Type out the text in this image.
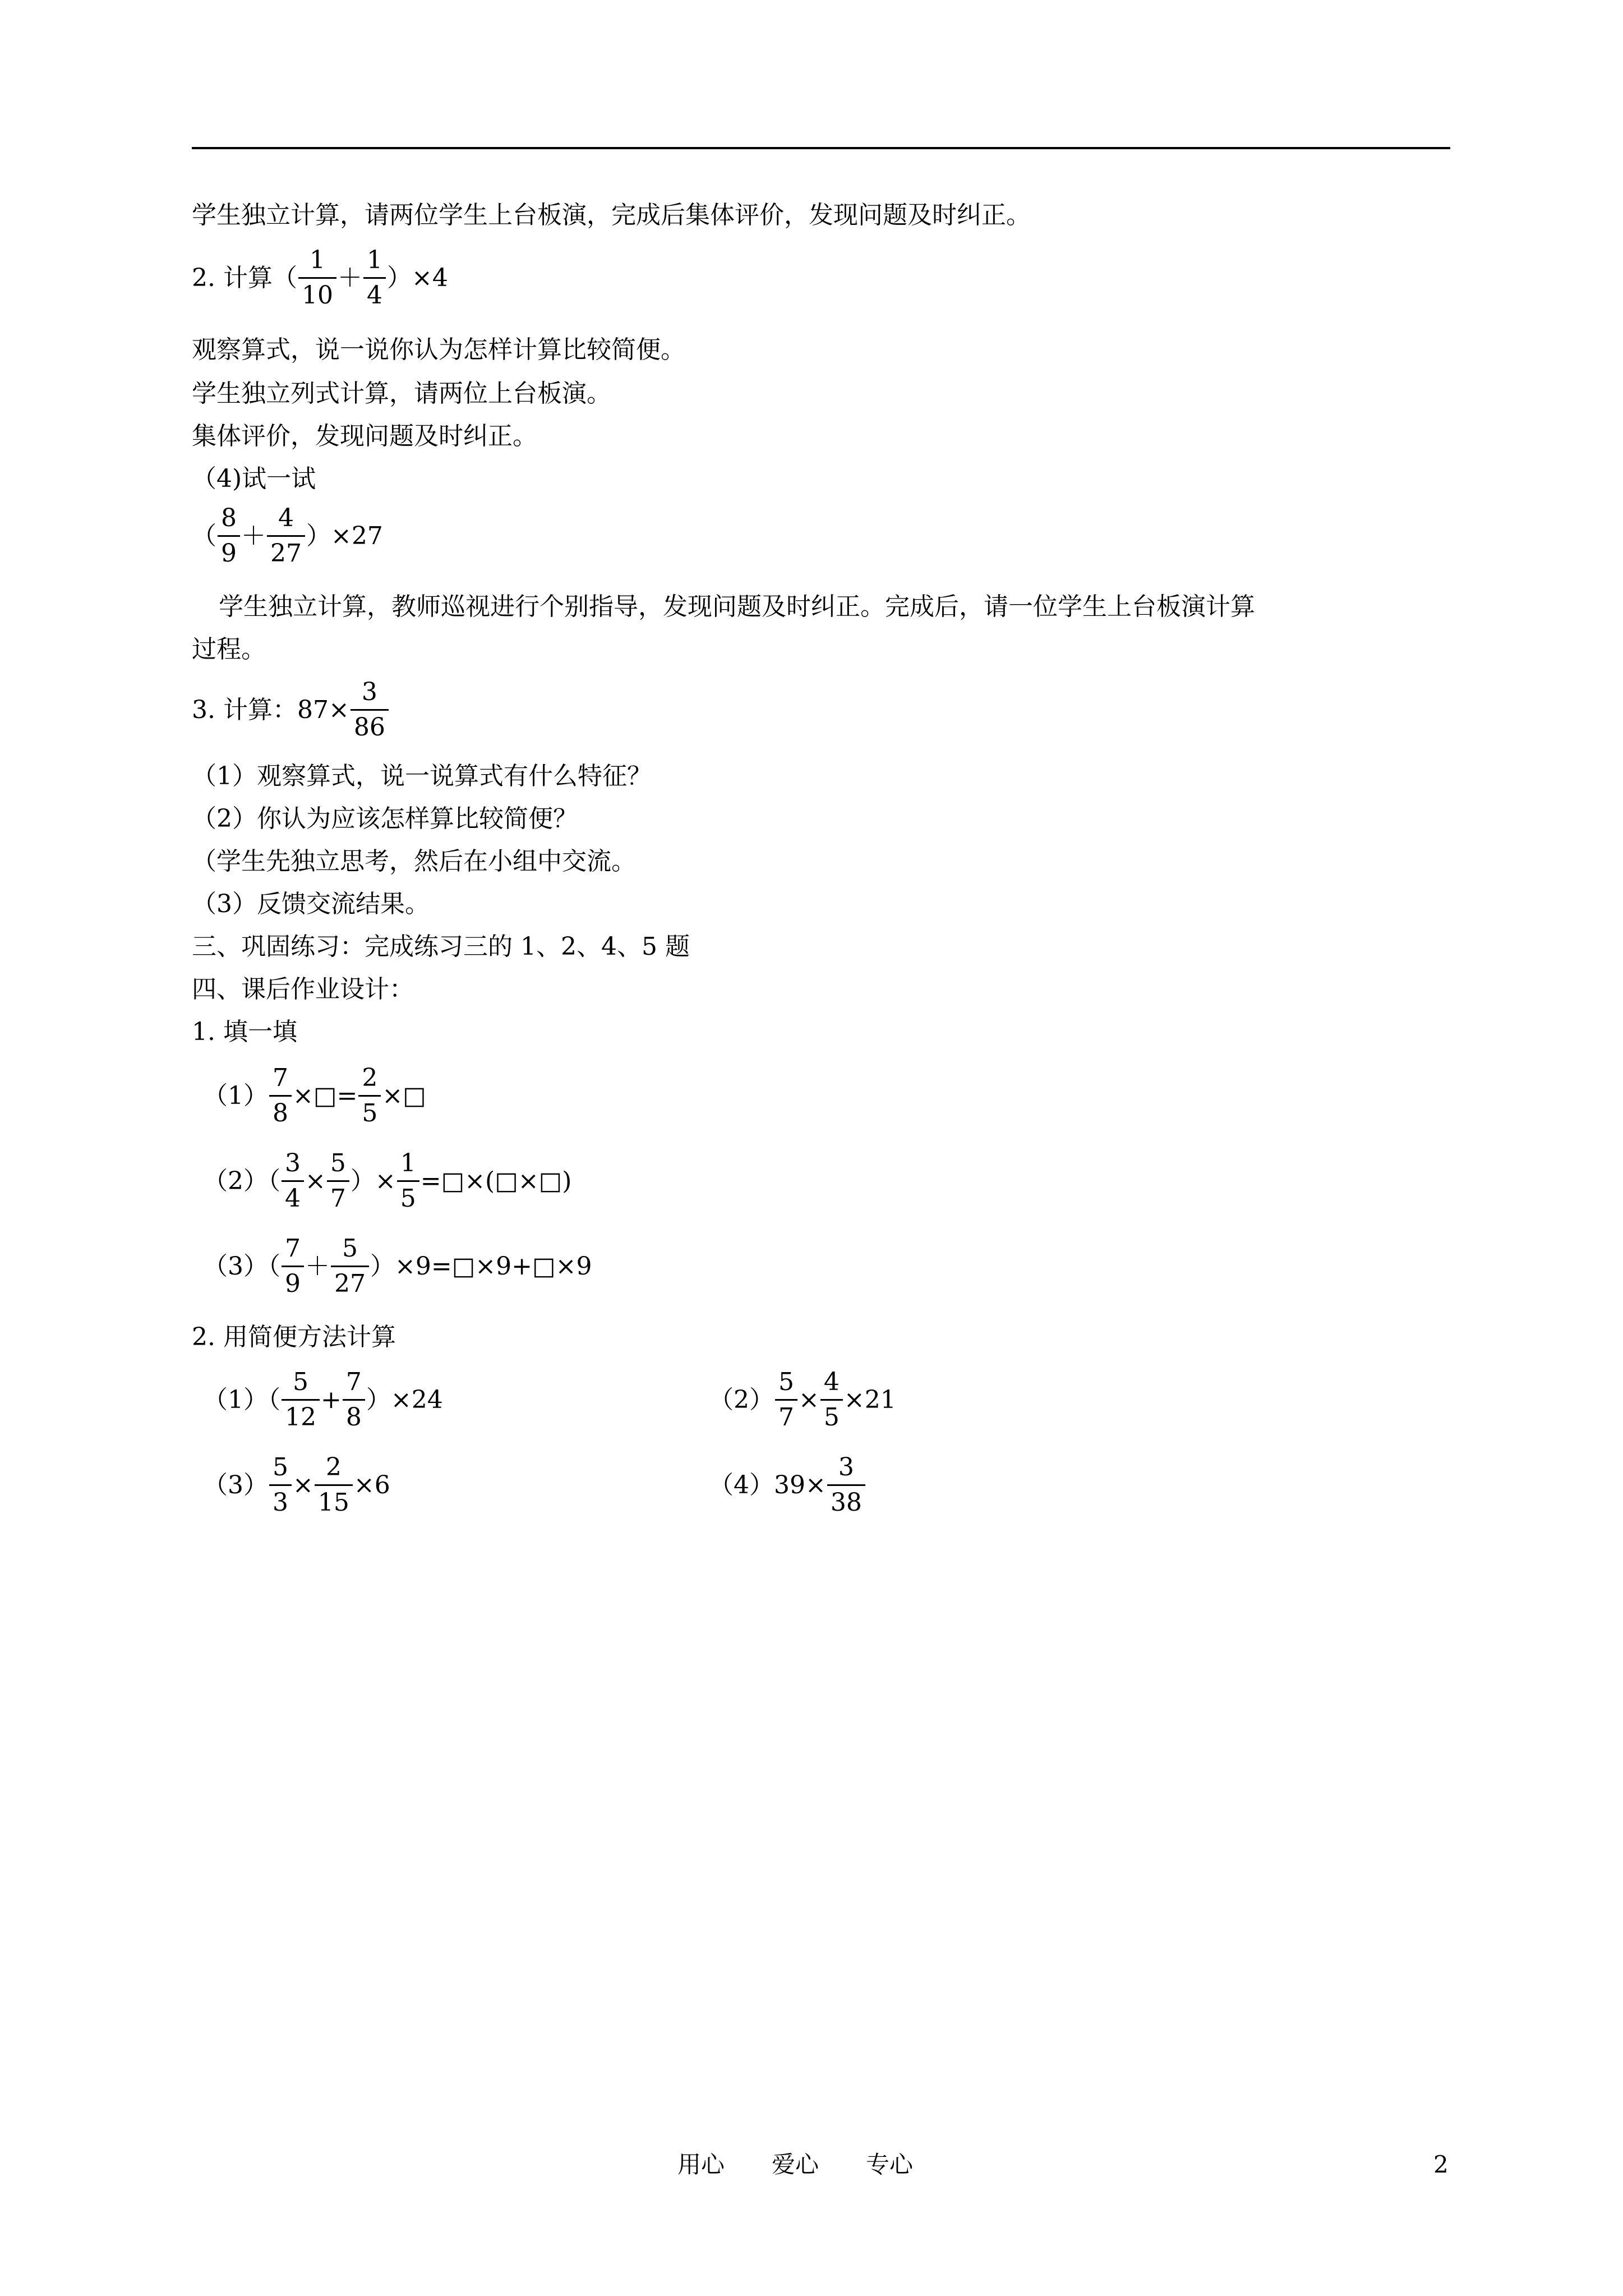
学生独立计算，请两位学生上台板演，完成后集体评价，发现问题及时纠正。
2. 计算（ $\frac{1}{10} + \frac{1}{4} )\times 4$
观察算式，说一说你认为怎样计算比较简便。
学生独立列式计算，请两位上台板演。
集体评价，发现问题及时纠正。
（4)试一试
（ $\frac{8}{9} + \frac{4}{27} )\times 27$
学生独立计算，教师巡视进行个别指导，发现问题及时纠正。完成后，请一位学生上台板演计算
过程。
3. 计算：$87\times \frac{3}{86}$
（1）观察算式，说一说算式有什么特征？
（2）你认为应该怎样算比较简便？
（学生先独立思考，然后在小组中交流。
（3）反馈交流结果。
三、巩固练习：完成练习三的 1、2、4、5 题
四、课后作业设计：
1. 填一填
$(1) \frac{7}{8}$ ×□= $\frac{2}{5}$ ×□
$(2)( \frac{3}{4} \times \frac{5}{7}$ ）× $\frac{1}{5}$ =□×(□×□)
$(3)( \frac{7}{9} + \frac{5}{27}$ ）×9=□×9+□×9
2. 用简便方法计算
$(1)( \frac{5}{12} + \frac{7}{8} )\times 24$	$(2) \frac{5}{7} \times \frac{4}{5} \times 21$
$(3) \frac{5}{3} \times \frac{2}{15} \times 6$	$(4)39\times \frac{3}{38}$
用心　　爱心　　专心	2
